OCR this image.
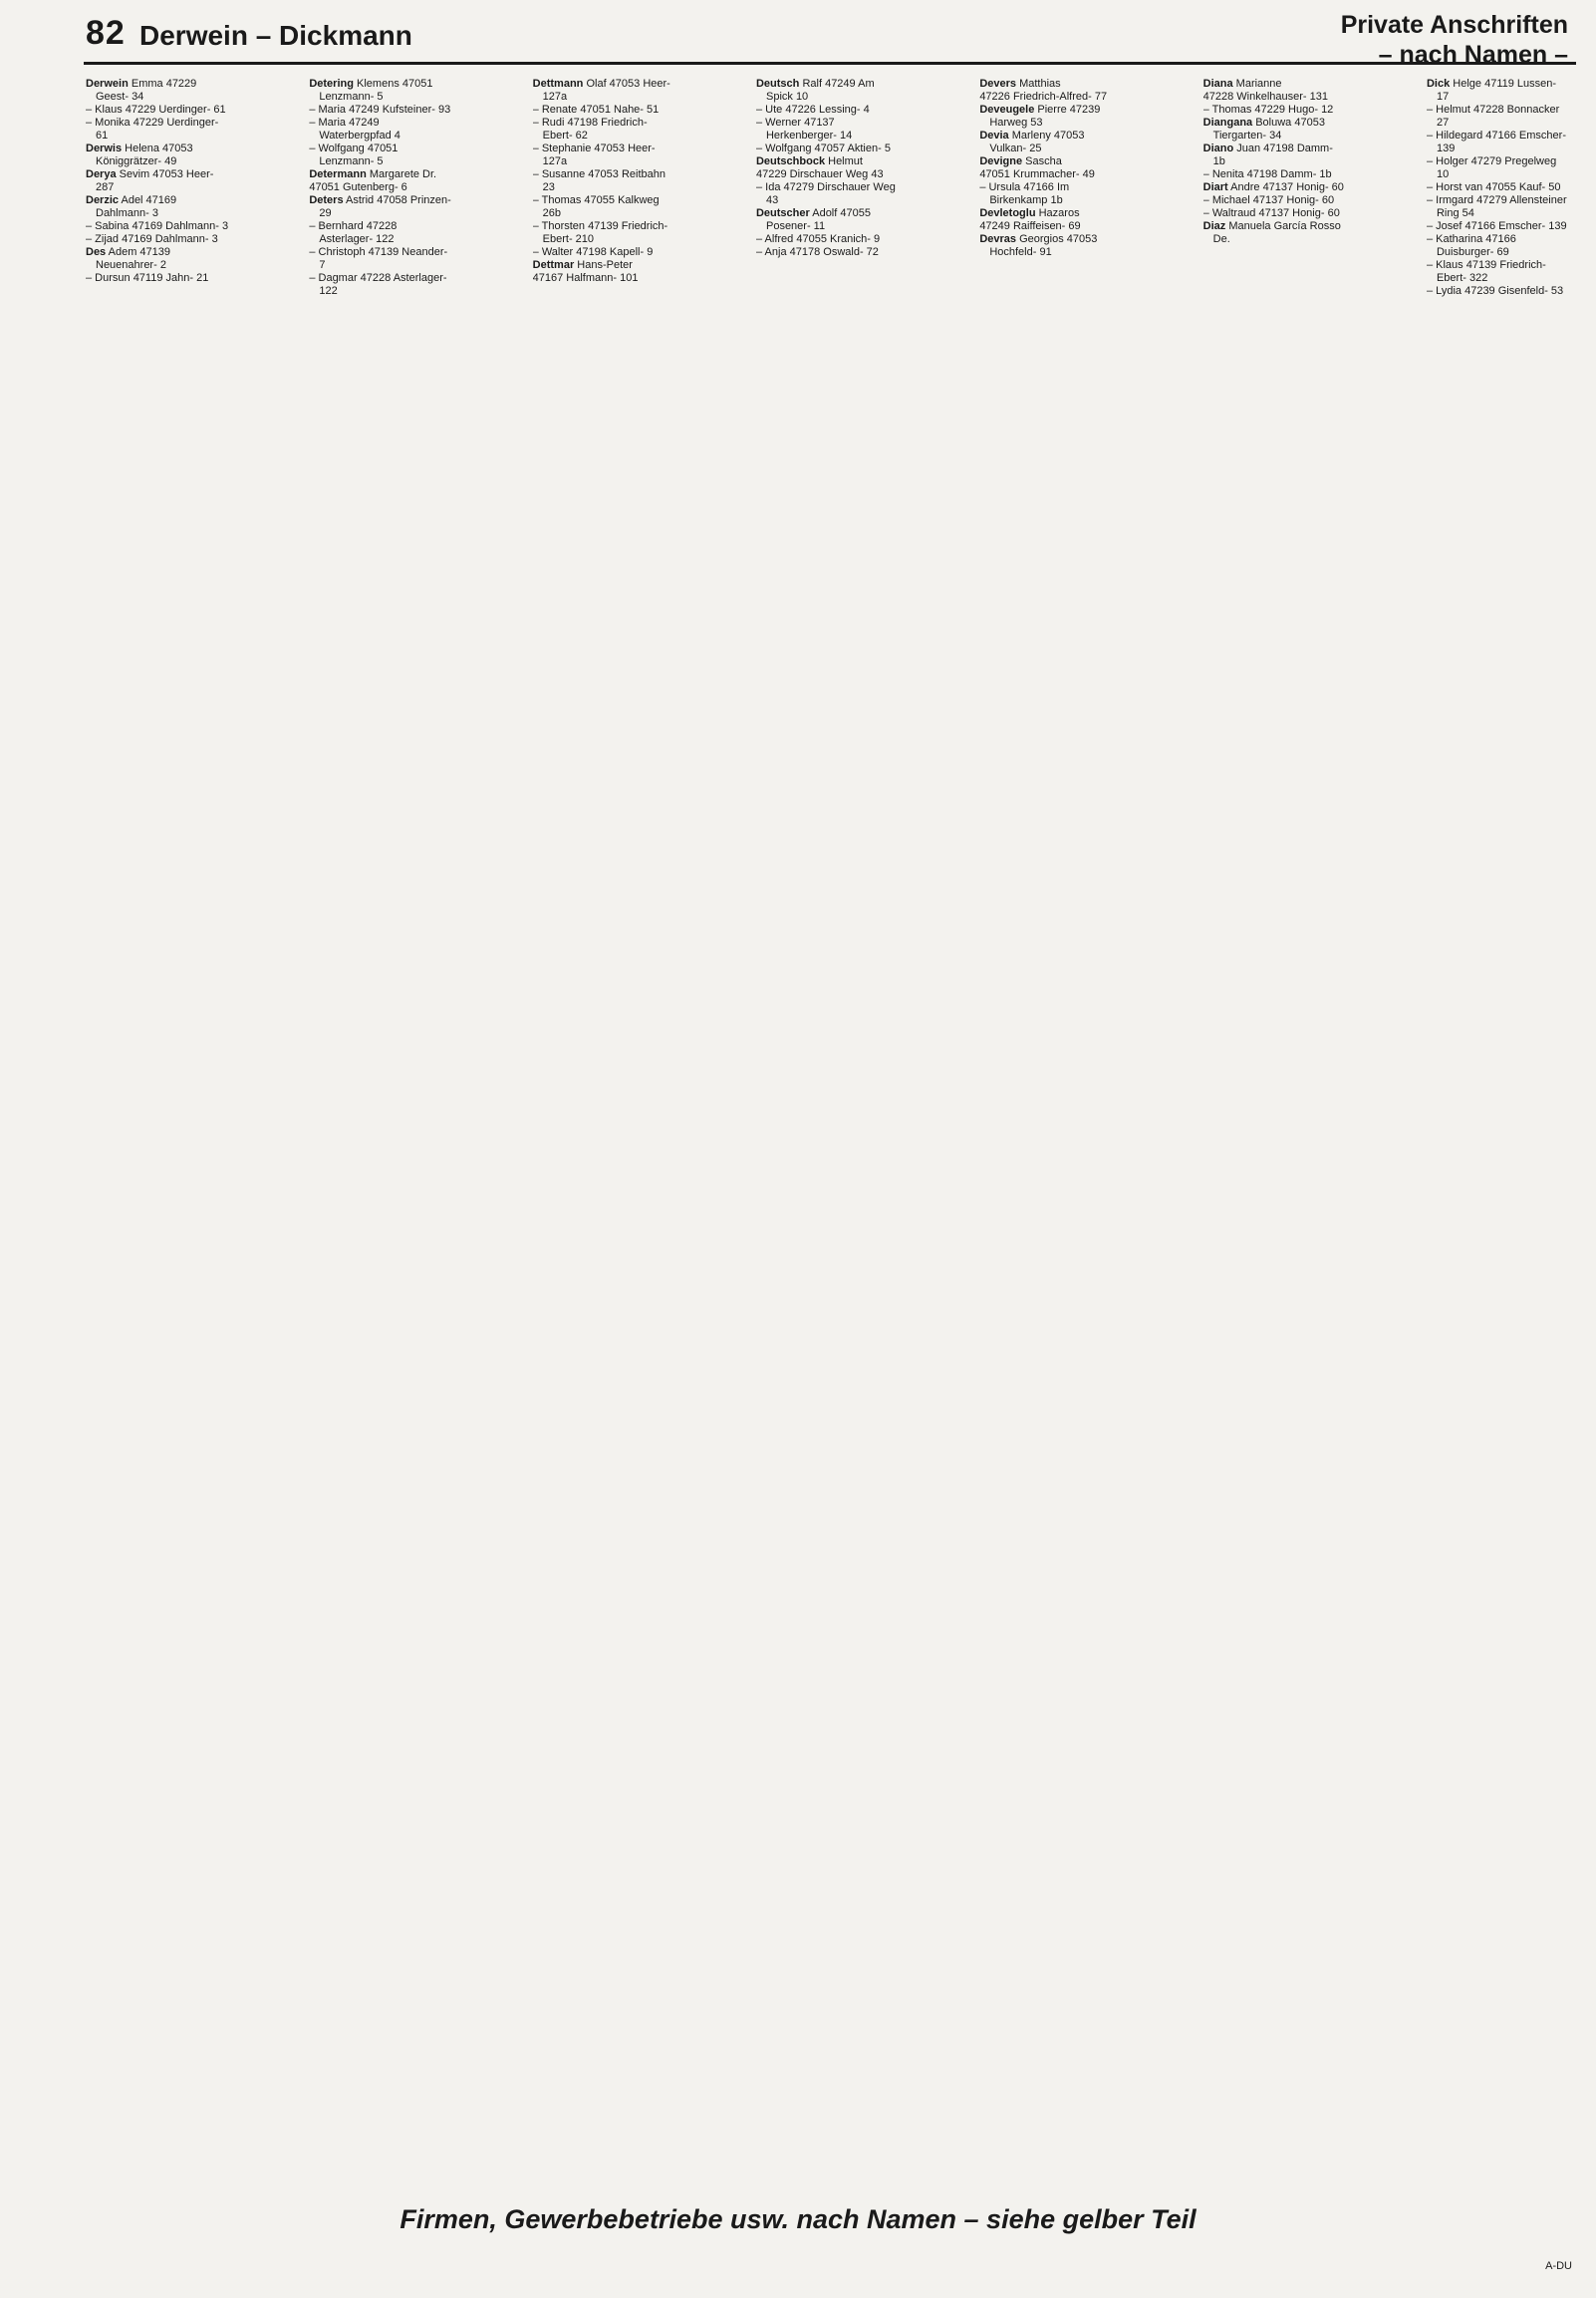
82 Derwein – Dickmann	Private Anschriften
– nach Namen –
Derwein Emma 47229 Geest- 34
– Klaus 47229 Uerdinger- 61
– Monika 47229 Uerdinger- 61
Derwis Helena 47053 Königgrätzer- 49
Derya Sevim 47053 Heer- 287
Derzic Adel 47169 Dahlmann- 3
– Sabina 47169 Dahlmann- 3
– Zijad 47169 Dahlmann- 3
Des Adem 47139 Neuenahrer- 2
– Dursun 47119 Jahn- 21
Detering Klemens 47051 Lenzmann- 5
– Maria 47249 Kufsteiner- 93
– Maria 47249 Waterbergpfad 4
– Wolfgang 47051 Lenzmann- 5
Determann Margarete Dr.
47051 Gutenberg- 6
Deters Astrid 47058 Prinzen- 29
– Bernhard 47228 Asterlager- 122
– Christoph 47139 Neander- 7
– Dagmar 47228 Asterlager- 122
Dettmann Olaf 47053 Heer- 127a
– Renate 47051 Nahe- 51
– Rudi 47198 Friedrich-Ebert- 62
– Stephanie 47053 Heer- 127a
– Susanne 47053 Reitbahn 23
– Thomas 47055 Kalkweg 26b
– Thorsten 47139 Friedrich-Ebert- 210
– Walter 47198 Kapell- 9
Dettmar Hans-Peter
47167 Halfmann- 101
Deutsch Ralf 47249 Am Spick 10
– Ute 47226 Lessing- 4
– Werner 47137 Herkenberger- 14
– Wolfgang 47057 Aktien- 5
Deutschbock Helmut
47229 Dirschauer Weg 43
– Ida 47279 Dirschauer Weg 43
Deutscher Adolf 47055 Posener- 11
– Alfred 47055 Kranich- 9
– Anja 47178 Oswald- 72
Devers Matthias
47226 Friedrich-Alfred- 77
Deveugele Pierre 47239 Harweg 53
Devia Marleny 47053 Vulkan- 25
Devigne Sascha
47051 Krummacher- 49
– Ursula 47166 Im Birkenkamp 1b
Devletoglu Hazaros
47249 Raiffeisen- 69
Devras Georgios 47053 Hochfeld- 91
Diana Marianne
47228 Winkelhauser- 131
– Thomas 47229 Hugo- 12
Diangana Boluwa 47053 Tiergarten- 34
Diano Juan 47198 Damm- 1b
– Nenita 47198 Damm- 1b
Diart Andre 47137 Honig- 60
– Michael 47137 Honig- 60
– Waltraud 47137 Honig- 60
Diaz Manuela García Rosso De.
Dick Helge 47119 Lussen- 17
– Helmut 47228 Bonnacker 27
– Hildegard 47166 Emscher- 139
– Holger 47279 Pregelweg 10
– Horst van 47055 Kauf- 50
– Irmgard 47279 Allensteiner Ring 54
– Josef 47166 Emscher- 139
– Katharina 47166 Duisburger- 69
– Klaus 47139 Friedrich-Ebert- 322
– Lydia 47239 Gisenfeld- 53
Firmen, Gewerbebetriebe usw. nach Namen – siehe gelber Teil
A-DU
